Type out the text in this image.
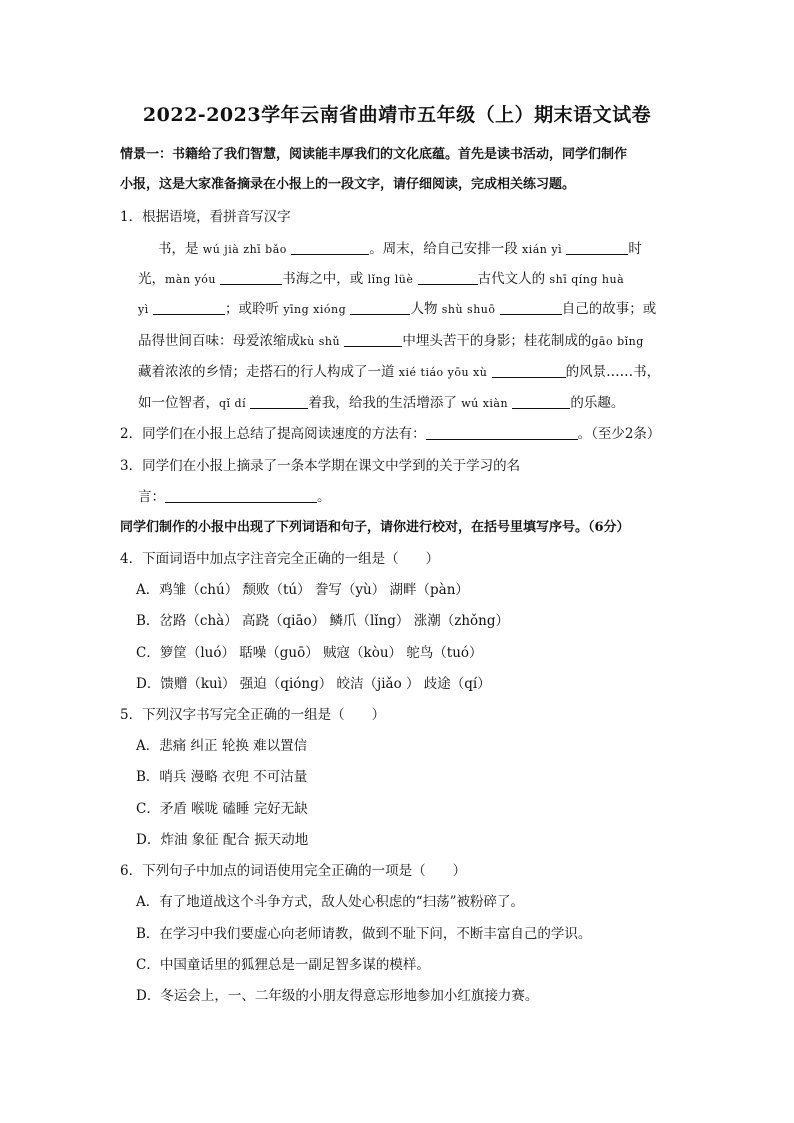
2022-2023学年云南省曲靖市五年级（上）期末语文试卷
情景一：书籍给了我们智慧，阅读能丰厚我们的文化底蕴。首先是读书活动，同学们制作
小报，这是大家准备摘录在小报上的一段文字，请仔细阅读，完成相关练习题。
1．根据语境，看拼音写汉字
书，是 wú jià zhī bǎo	。周末，给自己安排一段 xián yì	时
光，màn yóu	书海之中，或 lǐng lüè	古代文人的 shī qíng huà
yì	；或聆听 yīng xióng	人物 shù shuō	自己的故事；或
品得世间百味：母爱浓缩成kù shǔ	中埋头苦干的身影；桂花制成的gāo bǐng
藏着浓浓的乡情；走搭石的行人构成了一道 xié tiáo yōu xù	的风景……书，
如一位智者，qǐ dí	着我，给我的生活增添了 wú xiàn	的乐趣。
2．同学们在小报上总结了提高阅读速度的方法有：	。（至少2条）
3．同学们在小报上摘录了一条本学期在课文中学到的关于学习的名
言：	。
同学们制作的小报中出现了下列词语和句子，请你进行校对，在括号里填写序号。（6分）
4．下面词语中加点字注音完全正确的一组是（　　）
A．鸡雏（chú） 颓败（tú） 誊写（yù） 湖畔（pàn）
B．岔路（chà） 高跷（qiāo） 鳞爪（lǐng） 涨潮（zhǒng）
C．箩筐（luó） 聒噪（guō） 贼寇（kòu） 鸵鸟（tuó）
D．馈赠（kuì） 强迫（qióng） 皎洁（jiǎo ） 歧途（qí）
5．下列汉字书写完全正确的一组是（　　）
A．悲痛 纠正 轮换 难以置信
B．哨兵 漫略 衣兜 不可沽量
C．矛盾 喉咙 磕睡 完好无缺
D．炸油 象征 配合 振天动地
6．下列句子中加点的词语使用完全正确的一项是（　　）
A．有了地道战这个斗争方式，敌人处心积虑的“扫荡”被粉碎了。
B．在学习中我们要虚心向老师请教，做到不耻下问，不断丰富自己的学识。
C．中国童话里的狐狸总是一副足智多谋的模样。
D．冬运会上，一、二年级的小朋友得意忘形地参加小红旗接力赛。
